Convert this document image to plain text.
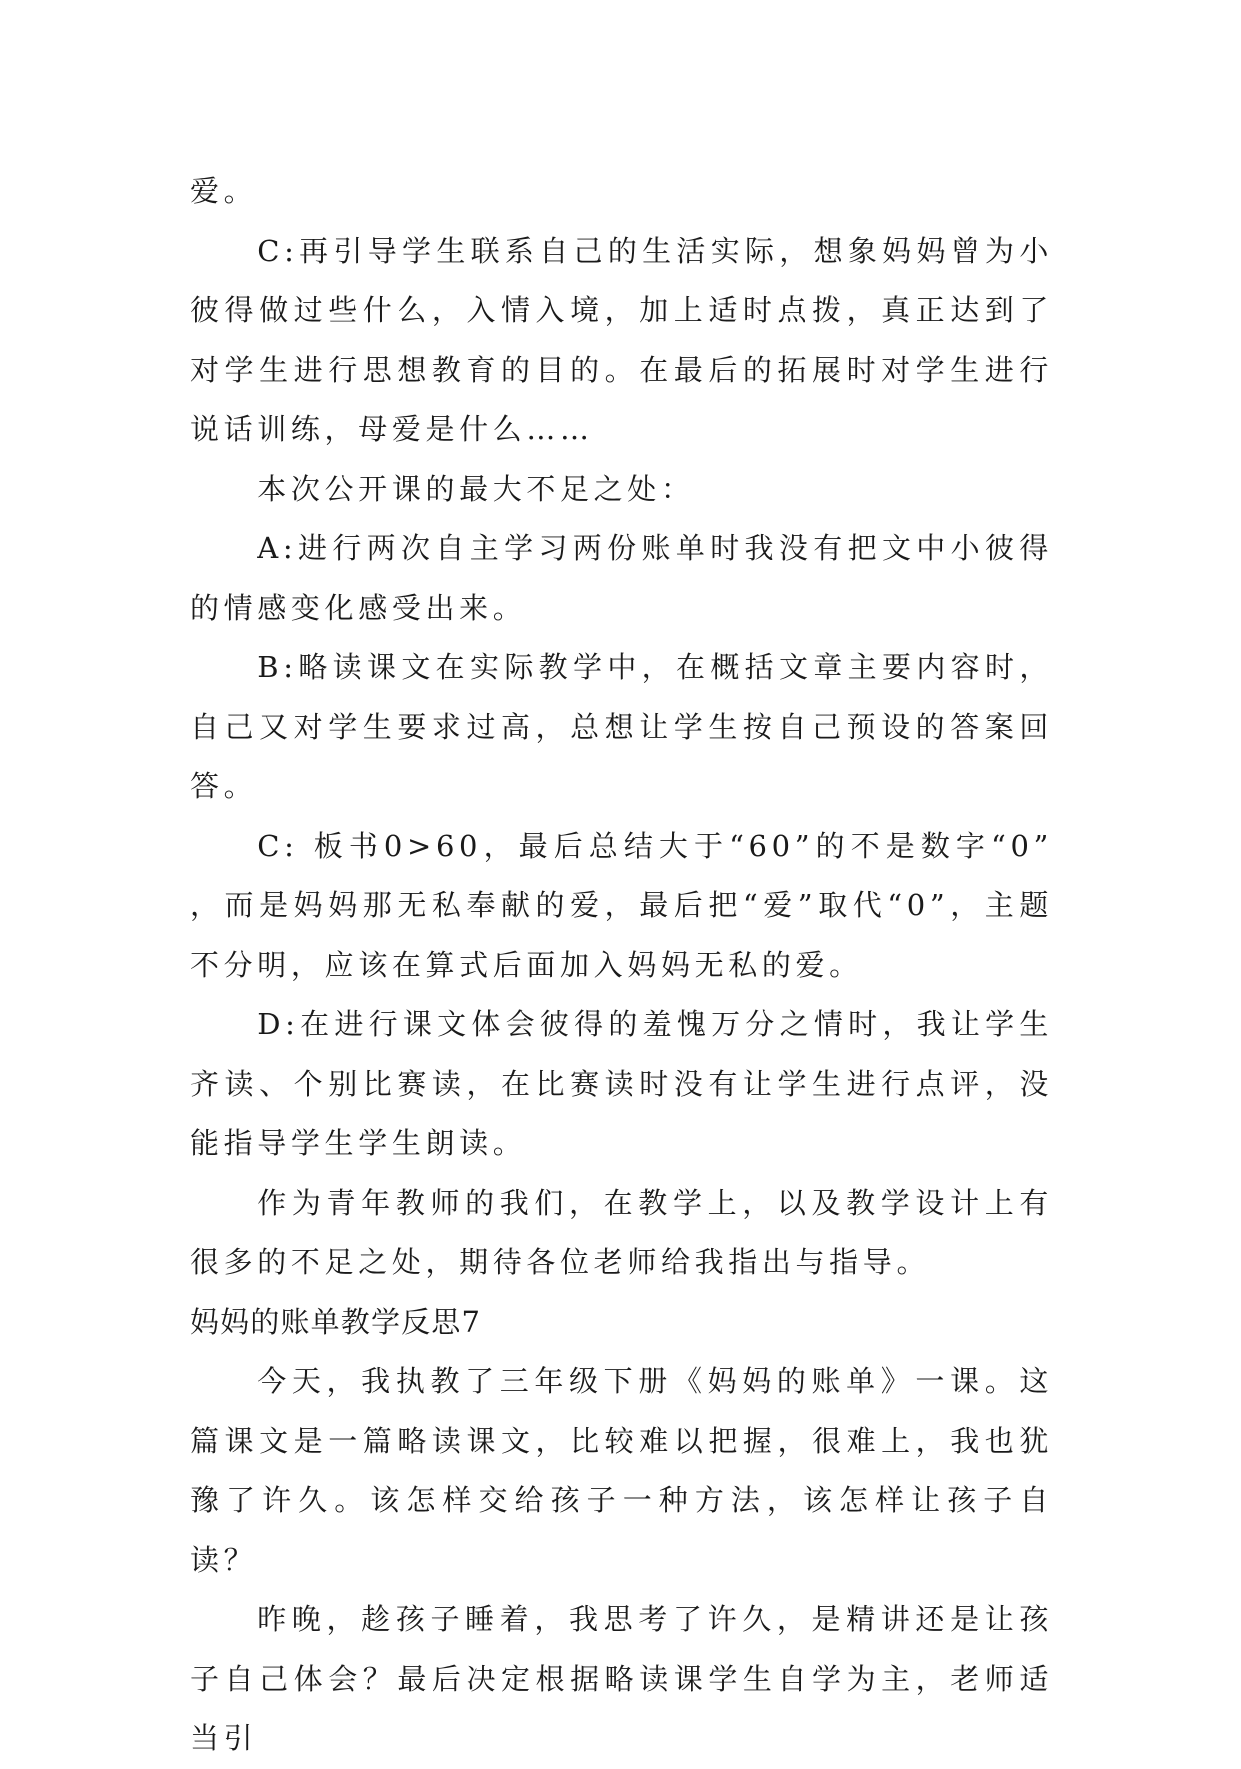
爱。

C:再引导学生联系自己的生活实际，想象妈妈曾为小彼得做过些什么，入情入境，加上适时点拨，真正达到了对学生进行思想教育的目的。在最后的拓展时对学生进行说话训练，母爱是什么……

本次公开课的最大不足之处：

A:进行两次自主学习两份账单时我没有把文中小彼得的情感变化感受出来。

B:略读课文在实际教学中，在概括文章主要内容时，自己又对学生要求过高，总想让学生按自己预设的答案回答。

C: 板书0>60，最后总结大于“60”的不是数字“0” ，而是妈妈那无私奉献的爱，最后把“爱”取代“0”，主题不分明，应该在算式后面加入妈妈无私的爱。

D:在进行课文体会彼得的羞愧万分之情时，我让学生齐读、个别比赛读，在比赛读时没有让学生进行点评，没能指导学生学生朗读。

作为青年教师的我们，在教学上，以及教学设计上有很多的不足之处，期待各位老师给我指出与指导。

妈妈的账单教学反思7

今天，我执教了三年级下册《妈妈的账单》一课。这篇课文是一篇略读课文，比较难以把握，很难上，我也犹豫了许久。该怎样交给孩子一种方法，该怎样让孩子自读？

昨晚，趁孩子睡着，我思考了许久，是精讲还是让孩子自己体会？最后决定根据略读课学生自学为主，老师适当引
